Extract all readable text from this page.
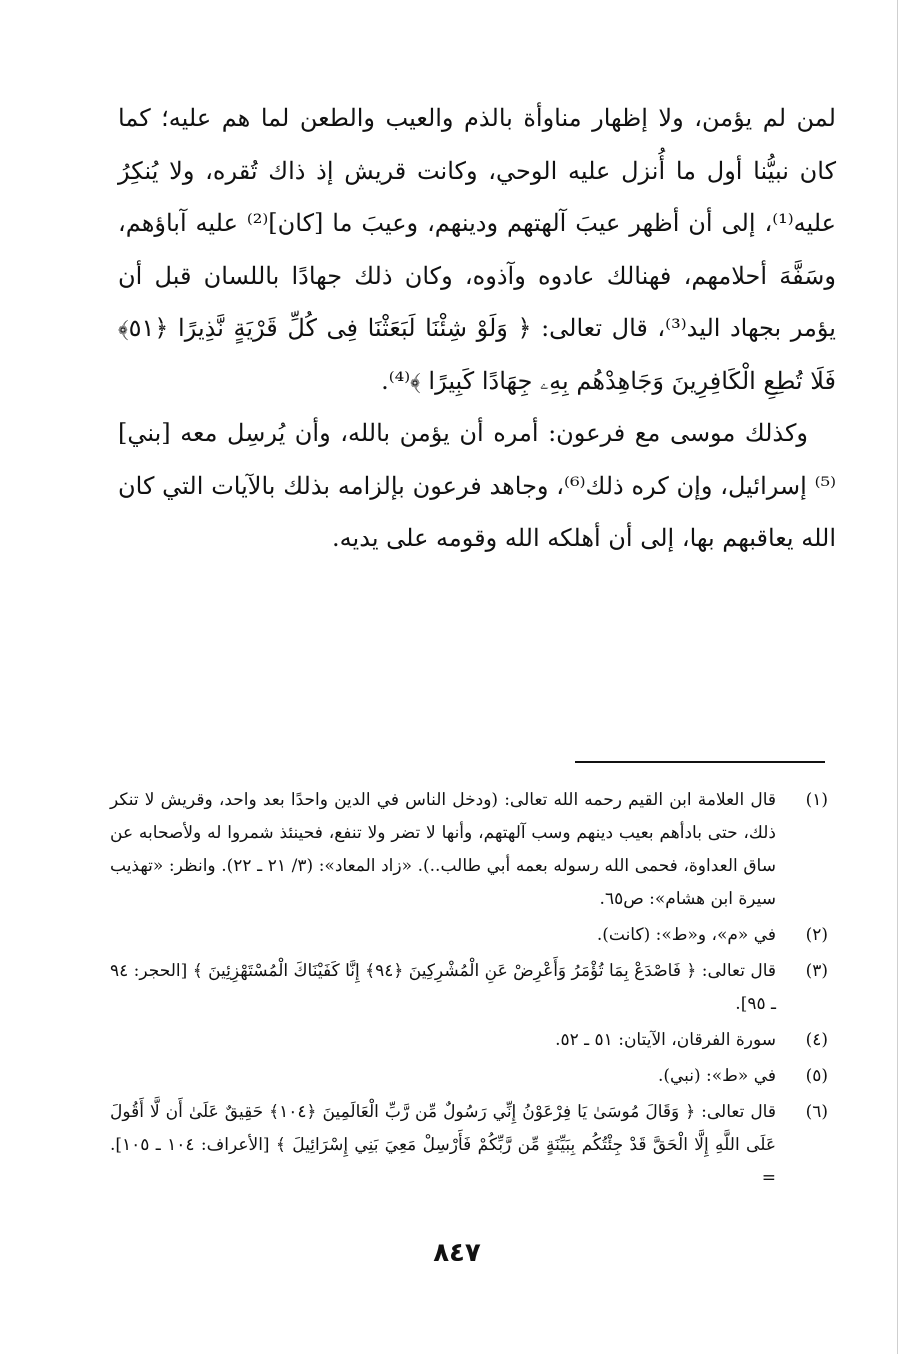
لمن لم يؤمن، ولا إظهار مناوأة بالذم والعيب والطعن لما هم عليه؛ كما كان نبيُّنا أول ما أُنزل عليه الوحي، وكانت قريش إذ ذاك تُقره، ولا يُنكِرُ عليه⁽¹⁾، إلى أن أظهر عيبَ آلهتهم ودينهم، وعيبَ ما [كان]⁽²⁾ عليه آباؤهم، وسَفَّهَ أحلامهم، فهنالك عادوه وآذوه، وكان ذلك جهادًا باللسان قبل أن يؤمر بجهاد اليد⁽³⁾، قال تعالى: ﴿ وَلَوْ شِئْنَا لَبَعَثْنَا فِى كُلِّ قَرْيَةٍ نَّذِيرًا ﴿٥١﴾ فَلَا تُطِعِ الْكَافِرِينَ وَجَاهِدْهُم بِهِۦ جِهَادًا كَبِيرًا ﴾⁽⁴⁾.

وكذلك موسى مع فرعون: أمره أن يؤمن بالله، وأن يُرسِل معه [بني]⁽⁵⁾ إسرائيل، وإن كره ذلك⁽⁶⁾، وجاهد فرعون بإلزامه بذلك بالآيات التي كان الله يعاقبهم بها، إلى أن أهلكه الله وقومه على يديه.

(١)
قال العلامة ابن القيم رحمه الله تعالى: (ودخل الناس في الدين واحدًا بعد واحد، وقريش لا تنكر ذلك، حتى بادأهم بعيب دينهم وسب آلهتهم، وأنها لا تضر ولا تنفع، فحينئذ شمروا له ولأصحابه عن ساق العداوة، فحمى الله رسوله بعمه أبي طالب..). «زاد المعاد»: (٣/ ٢١ ـ ٢٢). وانظر: «تهذيب سيرة ابن هشام»: ص٦٥.
(٢)
في «م»، و«ط»: (كانت).
(٣)
قال تعالى: ﴿ فَاصْدَعْ بِمَا تُؤْمَرُ وَأَعْرِضْ عَنِ الْمُشْرِكِينَ ﴿٩٤﴾ إِنَّا كَفَيْنَاكَ الْمُسْتَهْزِئِينَ ﴾ [الحجر: ٩٤ ـ ٩٥].
(٤)
سورة الفرقان، الآيتان: ٥١ ـ ٥٢.
(٥)
في «ط»: (نبي).
(٦)
قال تعالى: ﴿ وَقَالَ مُوسَىٰ يَا فِرْعَوْنُ إِنِّي رَسُولٌ مِّن رَّبِّ الْعَالَمِينَ ﴿١٠٤﴾ حَقِيقٌ عَلَىٰ أَن لَّا أَقُولَ عَلَى اللَّهِ إِلَّا الْحَقَّ قَدْ جِئْتُكُم بِبَيِّنَةٍ مِّن رَّبِّكُمْ فَأَرْسِلْ مَعِيَ بَنِي إِسْرَائِيلَ ﴾ [الأعراف: ١٠٤ ـ ١٠٥]. =
٨٤٧
